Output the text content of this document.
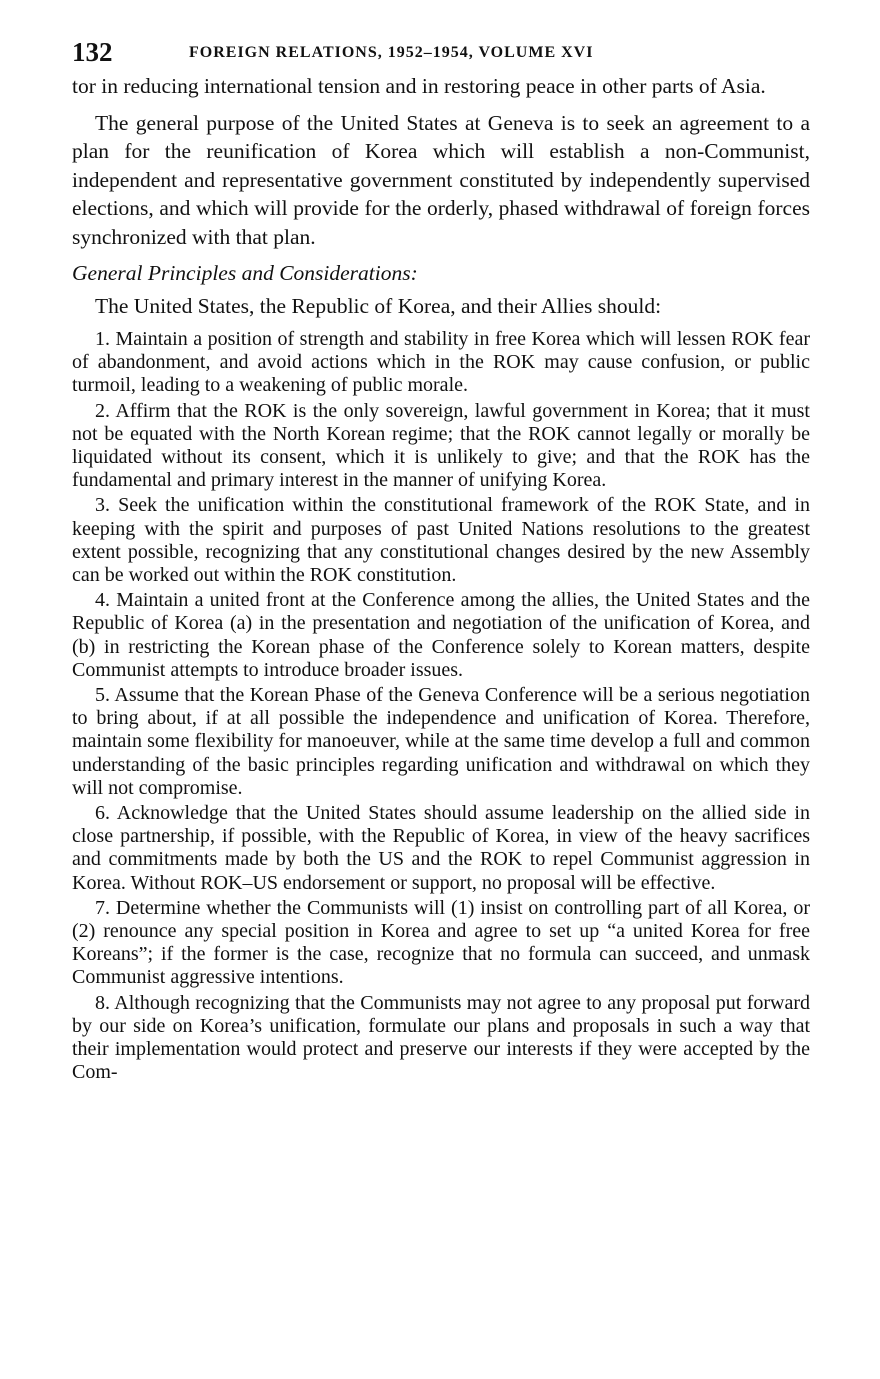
132	FOREIGN RELATIONS, 1952–1954, VOLUME XVI

tor in reducing international tension and in restoring peace in other parts of Asia.

The general purpose of the United States at Geneva is to seek an agreement to a plan for the reunification of Korea which will establish a non-Communist, independent and representative government constituted by independently supervised elections, and which will provide for the orderly, phased withdrawal of foreign forces synchronized with that plan.

General Principles and Considerations:

The United States, the Republic of Korea, and their Allies should:

1. Maintain a position of strength and stability in free Korea which will lessen ROK fear of abandonment, and avoid actions which in the ROK may cause confusion, or public turmoil, leading to a weakening of public morale.

2. Affirm that the ROK is the only sovereign, lawful government in Korea; that it must not be equated with the North Korean regime; that the ROK cannot legally or morally be liquidated without its consent, which it is unlikely to give; and that the ROK has the fundamental and primary interest in the manner of unifying Korea.

3. Seek the unification within the constitutional framework of the ROK State, and in keeping with the spirit and purposes of past United Nations resolutions to the greatest extent possible, recognizing that any constitutional changes desired by the new Assembly can be worked out within the ROK constitution.

4. Maintain a united front at the Conference among the allies, the United States and the Republic of Korea (a) in the presentation and negotiation of the unification of Korea, and (b) in restricting the Korean phase of the Conference solely to Korean matters, despite Communist attempts to introduce broader issues.

5. Assume that the Korean Phase of the Geneva Conference will be a serious negotiation to bring about, if at all possible the independence and unification of Korea. Therefore, maintain some flexibility for manoeuver, while at the same time develop a full and common understanding of the basic principles regarding unification and withdrawal on which they will not compromise.

6. Acknowledge that the United States should assume leadership on the allied side in close partnership, if possible, with the Republic of Korea, in view of the heavy sacrifices and commitments made by both the US and the ROK to repel Communist aggression in Korea. Without ROK–US endorsement or support, no proposal will be effective.

7. Determine whether the Communists will (1) insist on controlling part of all Korea, or (2) renounce any special position in Korea and agree to set up “a united Korea for free Koreans”; if the former is the case, recognize that no formula can succeed, and unmask Communist aggressive intentions.

8. Although recognizing that the Communists may not agree to any proposal put forward by our side on Korea’s unification, formulate our plans and proposals in such a way that their implementation would protect and preserve our interests if they were accepted by the Com-
